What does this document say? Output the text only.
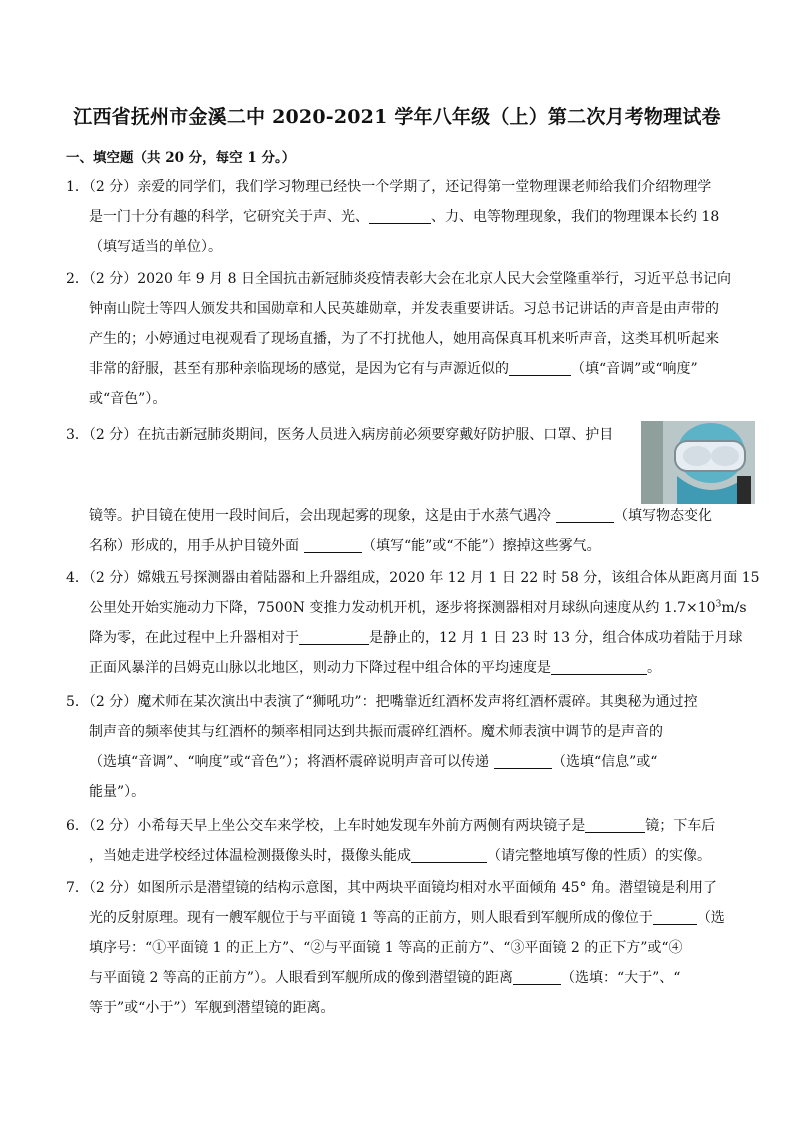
江西省抚州市金溪二中 2020-2021 学年八年级（上）第二次月考物理试卷
一、填空题（共 20 分，每空 1 分。）
1．（2 分）亲爱的同学们，我们学习物理已经快一个学期了，还记得第一堂物理课老师给我们介绍物理学
是一门十分有趣的科学，它研究关于声、光、	、力、电等物理现象，我们的物理课本长约 18
（填写适当的单位）。
2．（2 分）2020 年 9 月 8 日全国抗击新冠肺炎疫情表彰大会在北京人民大会堂隆重举行，习近平总书记向
钟南山院士等四人颁发共和国勋章和人民英雄勋章，并发表重要讲话。习总书记讲话的声音是由声带的
产生的；小婷通过电视观看了现场直播，为了不打扰他人，她用高保真耳机来听声音，这类耳机听起来
非常的舒服，甚至有那种亲临现场的感觉，是因为它有与声源近似的	（填“音调”或“响度”
或“音色”）。
3．（2 分）在抗击新冠肺炎期间，医务人员进入病房前必须要穿戴好防护服、口罩、护目
镜等。护目镜在使用一段时间后，会出现起雾的现象，这是由于水蒸气遇冷	（填写物态变化
名称）形成的，用手从护目镜外面	（填写“能”或“不能”）擦掉这些雾气。
4．（2 分）嫦娥五号探测器由着陆器和上升器组成，2020 年 12 月 1 日 22 时 58 分，该组合体从距离月面 15
公里处开始实施动力下降，7500N 变推力发动机开机，逐步将探测器相对月球纵向速度从约 $1.7\times 10^3m/s$
降为零，在此过程中上升器相对于	是静止的，12 月 1 日 23 时 13 分，组合体成功着陆于月球
正面风暴洋的吕姆克山脉以北地区，则动力下降过程中组合体的平均速度是	。
5．（2 分）魔术师在某次演出中表演了“狮吼功”：把嘴靠近红酒杯发声将红酒杯震碎。其奥秘为通过控
制声音的频率使其与红酒杯的频率相同达到共振而震碎红酒杯。魔术师表演中调节的是声音的
（选填“音调”、“响度”或“音色”）；将酒杯震碎说明声音可以传递	（选填“信息”或“
能量”）。
6．（2 分）小希每天早上坐公交车来学校，上车时她发现车外前方两侧有两块镜子是	镜；下车后
，当她走进学校经过体温检测摄像头时，摄像头能成	（请完整地填写像的性质）的实像。
7．（2 分）如图所示是潜望镜的结构示意图，其中两块平面镜均相对水平面倾角 45° 角。潜望镜是利用了
光的反射原理。现有一艘军舰位于与平面镜 1 等高的正前方，则人眼看到军舰所成的像位于	（选
填序号：“①平面镜 1 的正上方”、“②与平面镜 1 等高的正前方”、“③平面镜 2 的正下方”或“④
与平面镜 2 等高的正前方”）。人眼看到军舰所成的像到潜望镜的距离	（选填：“大于”、“
等于”或“小于”）军舰到潜望镜的距离。
